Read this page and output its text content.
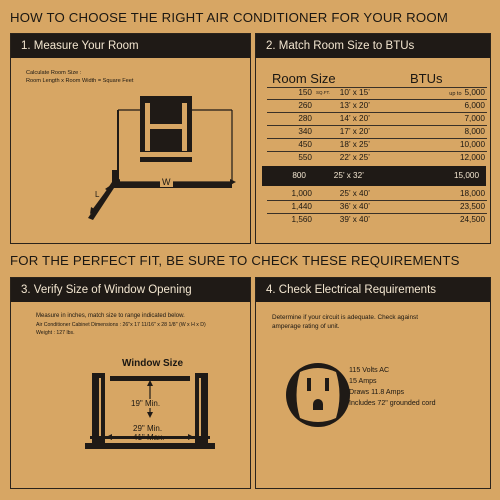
HOW TO CHOOSE THE RIGHT AIR CONDITIONER FOR YOUR ROOM
FOR THE PERFECT FIT, BE SURE TO CHECK THESE REQUIREMENTS
1. Measure Your Room
Calculate Room Size :
Room Length x Room Width = Square Feet
W
L
2. Match Room Size to BTUs
Room Size	BTUs
150 SQ.FT. 10’ x 15’	up to 5,000
260	13’ x 20’	6,000
280	14’ x 20’	7,000
340	17’ x 20’	8,000
450	18’ x 25’	10,000
550	22’ x 25’	12,000
800	25’ x 32’	15,000
1,000	25’ x 40’	18,000
1,440	36’ x 40’	23,500
1,560	39’ x 40’	24,500
3. Verify Size of Window Opening
Measure in inches, match size to range indicated below.
Air Conditioner Cabinet Dimensions : 26"x 17 11/16" x 28 1/8" (W x H x D)
Weight : 127 lbs.
Window Size
19" Min.
29" Min.
41" Max.
4. Check Electrical Requirements
Determine if your circuit is adequate. Check against
amperage rating of unit.
115 Volts AC
15 Amps
Draws 11.8 Amps
Includes 72" grounded cord
